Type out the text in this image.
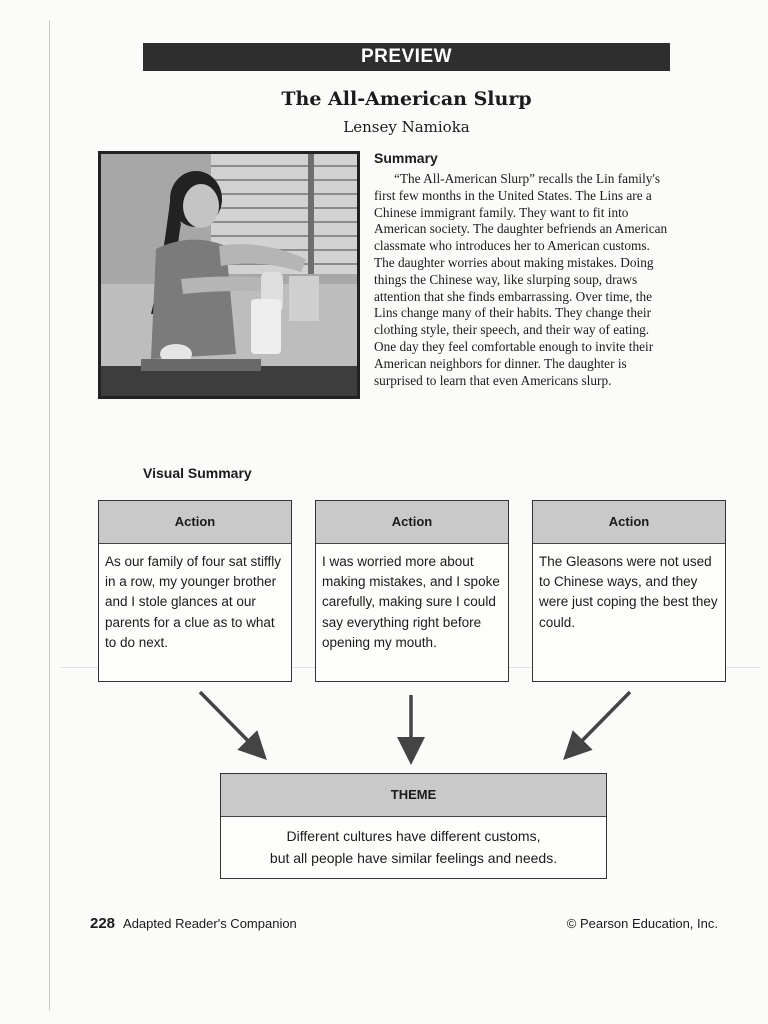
PREVIEW
The All-American Slurp
Lensey Namioka
Summary
“The All-American Slurp” recalls the Lin family's first few months in the United States. The Lins are a Chinese immigrant family. They want to fit into American society. The daughter befriends an American classmate who introduces her to American customs. The daughter worries about making mistakes. Doing things the Chinese way, like slurping soup, draws attention that she finds embarrassing. Over time, the Lins change many of their habits. They change their clothing style, their speech, and their way of eating. One day they feel comfortable enough to invite their American neighbors for dinner. The daughter is surprised to learn that even Americans slurp.
Visual Summary
Action
As our family of four sat stiffly in a row, my younger brother and I stole glances at our parents for a clue as to what to do next.
Action
I was worried more about making mistakes, and I spoke carefully, making sure I could say everything right before opening my mouth.
Action
The Gleasons were not used to Chinese ways, and they were just coping the best they could.
THEME
Different cultures have different customs,
but all people have similar feelings and needs.
228 Adapted Reader's Companion	© Pearson Education, Inc.
